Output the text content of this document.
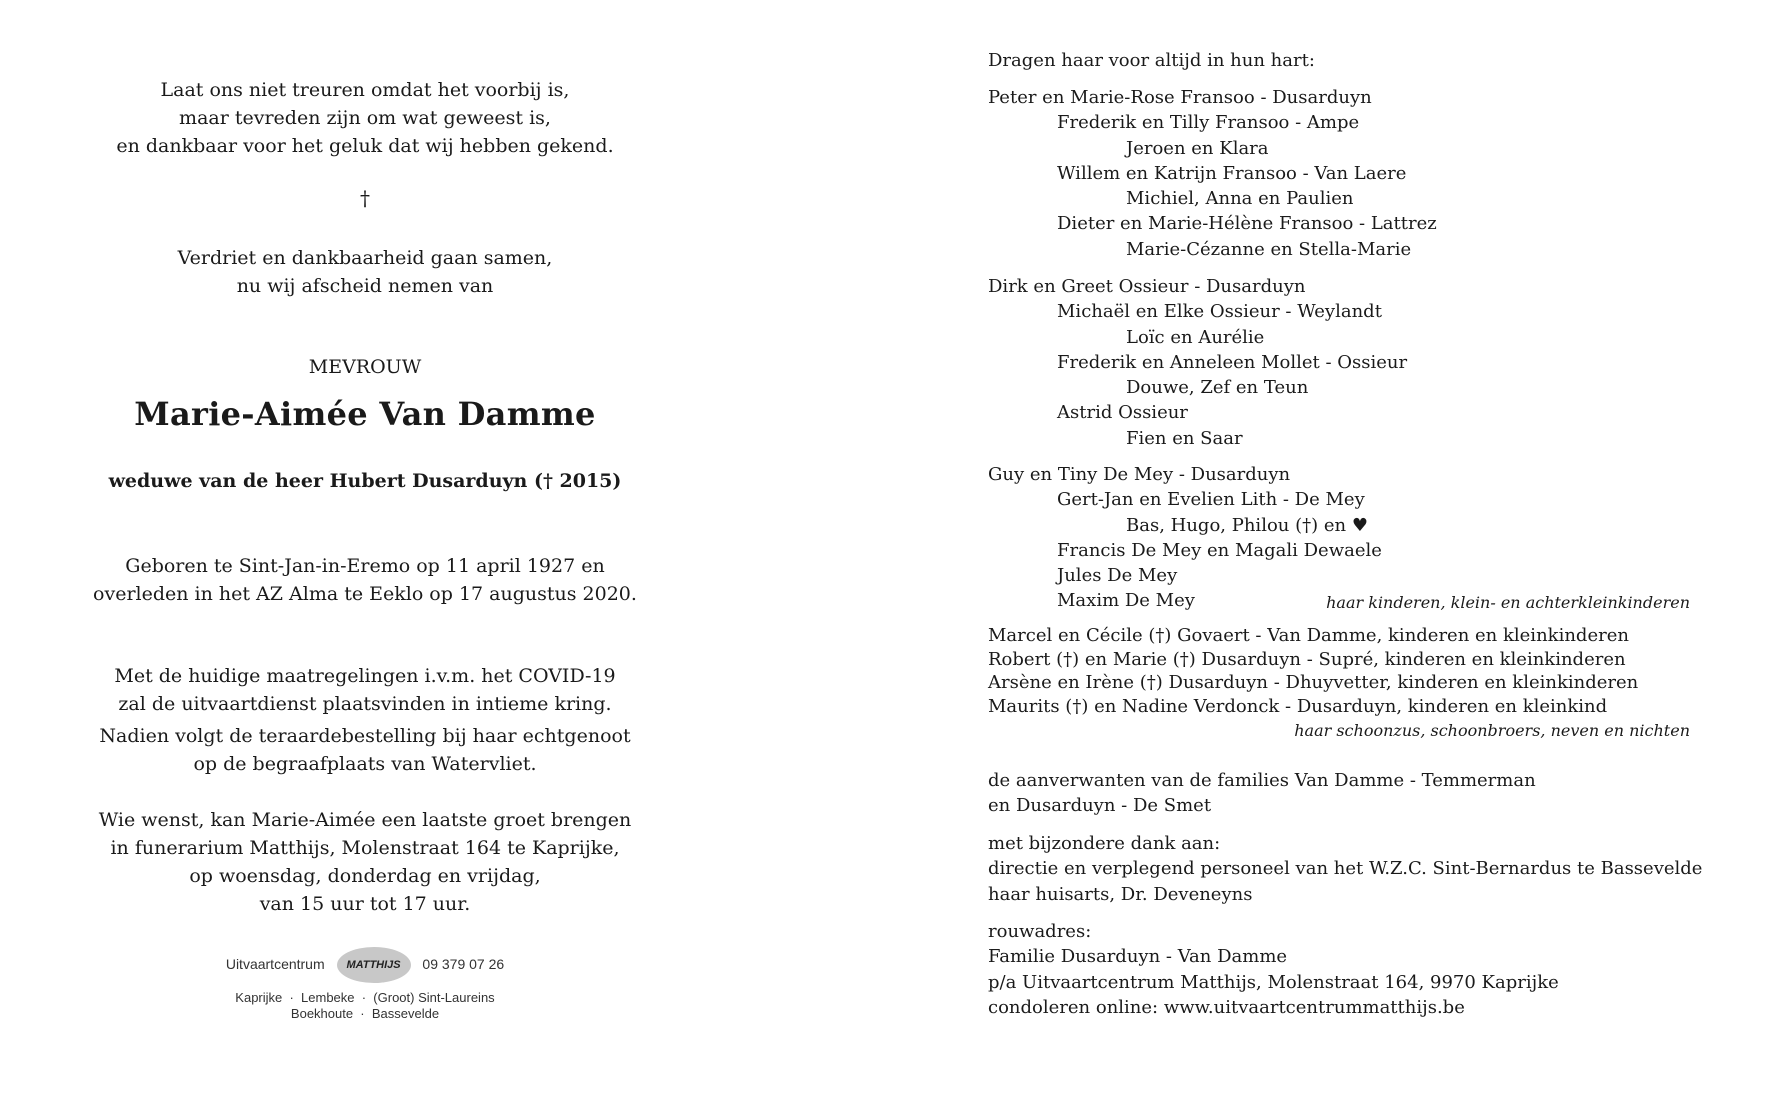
Laat ons niet treuren omdat het voorbij is,
maar tevreden zijn om wat geweest is,
en dankbaar voor het geluk dat wij hebben gekend.
†
Verdriet en dankbaarheid gaan samen,
nu wij afscheid nemen van
MEVROUW
Marie-Aimée Van Damme
weduwe van de heer Hubert Dusarduyn († 2015)
Geboren te Sint-Jan-in-Eremo op 11 april 1927 en
overleden in het AZ Alma te Eeklo op 17 augustus 2020.
Met de huidige maatregelingen i.v.m. het COVID-19
zal de uitvaartdienst plaatsvinden in intieme kring.
Nadien volgt de teraardebestelling bij haar echtgenoot
op de begraafplaats van Watervliet.
Wie wenst, kan Marie-Aimée een laatste groet brengen
in funerarium Matthijs, Molenstraat 164 te Kaprijke,
op woensdag, donderdag en vrijdag,
van 15 uur tot 17 uur.
Uitvaartcentrum MATTHIJS 09 379 07 26
Kaprijke  ·  Lembeke  ·  (Groot) Sint-Laureins
Boekhoute  ·  Bassevelde
Dragen haar voor altijd in hun hart:
Peter en Marie-Rose Fransoo - Dusarduyn
Frederik en Tilly Fransoo - Ampe
Jeroen en Klara
Willem en Katrijn Fransoo - Van Laere
Michiel, Anna en Paulien
Dieter en Marie-Hélène Fransoo - Lattrez
Marie-Cézanne en Stella-Marie
Dirk en Greet Ossieur - Dusarduyn
Michaël en Elke Ossieur - Weylandt
Loïc en Aurélie
Frederik en Anneleen Mollet - Ossieur
Douwe, Zef en Teun
Astrid Ossieur
Fien en Saar
Guy en Tiny De Mey - Dusarduyn
Gert-Jan en Evelien Lith - De Mey
Bas, Hugo, Philou (†) en ♥
Francis De Mey en Magali Dewaele
Jules De Mey
Maxim De Mey	haar kinderen, klein- en achterkleinkinderen
Marcel en Cécile (†) Govaert - Van Damme, kinderen en kleinkinderen
Robert (†) en Marie (†) Dusarduyn - Supré, kinderen en kleinkinderen
Arsène en Irène (†) Dusarduyn - Dhuyvetter, kinderen en kleinkinderen
Maurits (†) en Nadine Verdonck - Dusarduyn, kinderen en kleinkind
haar schoonzus, schoonbroers, neven en nichten
de aanverwanten van de families Van Damme - Temmerman
en Dusarduyn - De Smet
met bijzondere dank aan:
directie en verplegend personeel van het W.Z.C. Sint-Bernardus te Bassevelde
haar huisarts, Dr. Deveneyns
rouwadres:
Familie Dusarduyn - Van Damme
p/a Uitvaartcentrum Matthijs, Molenstraat 164, 9970 Kaprijke
condoleren online: www.uitvaartcentrummatthijs.be
